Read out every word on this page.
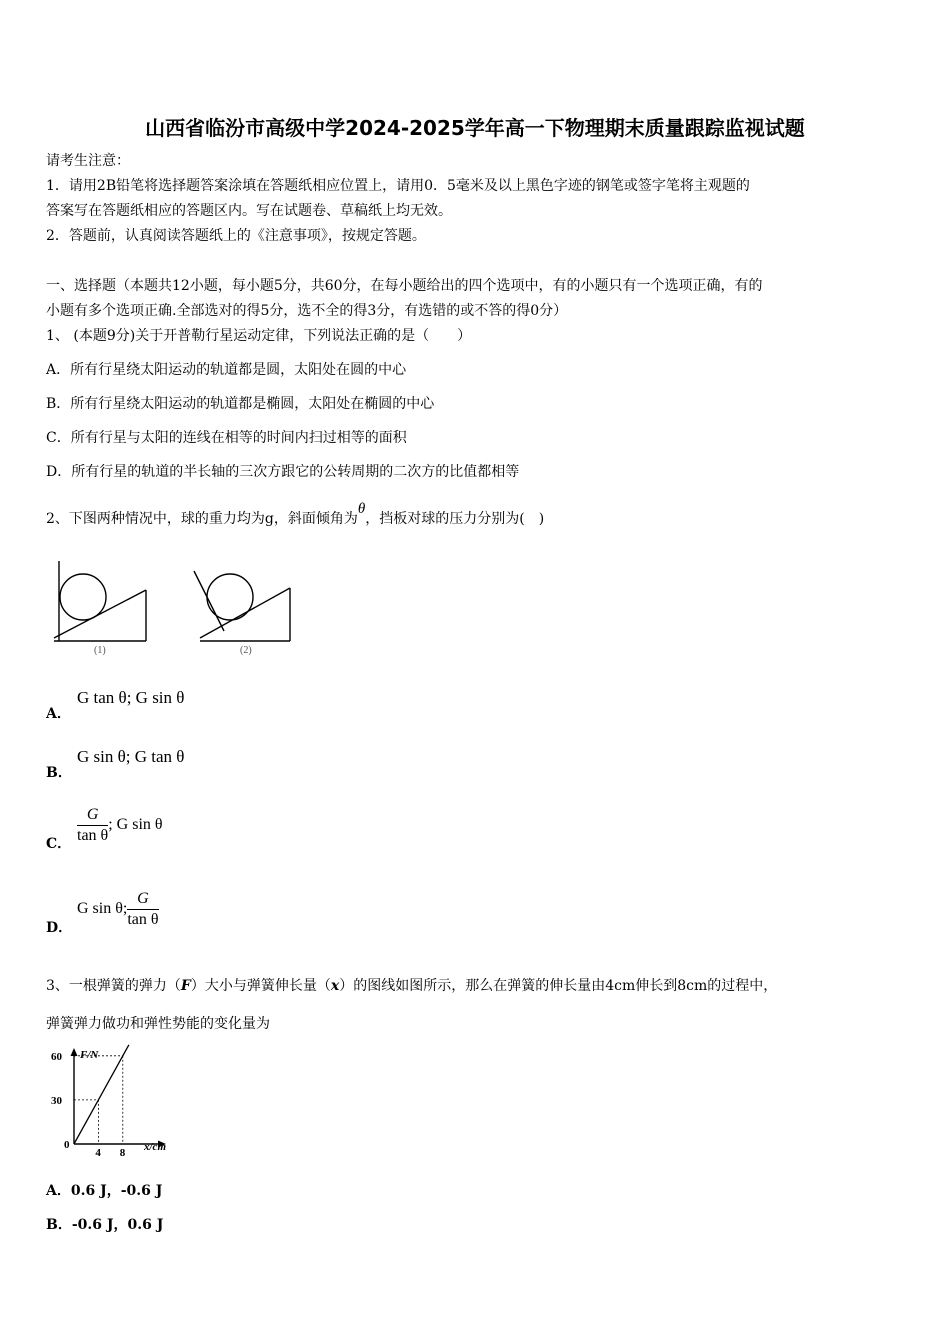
山西省临汾市高级中学2024-2025学年高一下物理期末质量跟踪监视试题
请考生注意：
1．请用2B铅笔将选择题答案涂填在答题纸相应位置上，请用0．5毫米及以上黑色字迹的钢笔或签字笔将主观题的
答案写在答题纸相应的答题区内。写在试题卷、草稿纸上均无效。
2．答题前，认真阅读答题纸上的《注意事项》，按规定答题。
一、选择题（本题共12小题，每小题5分，共60分，在每小题给出的四个选项中，有的小题只有一个选项正确，有的
小题有多个选项正确.全部选对的得5分，选不全的得3分，有选错的或不答的得0分）
1、 (本题9分)关于开普勒行星运动定律，下列说法正确的是（　　）
A．所有行星绕太阳运动的轨道都是圆，太阳处在圆的中心
B．所有行星绕太阳运动的轨道都是椭圆，太阳处在椭圆的中心
C．所有行星与太阳的连线在相等的时间内扫过相等的面积
D．所有行星的轨道的半长轴的三次方跟它的公转周期的二次方的比值都相等
2、下图两种情况中，球的重力均为g，斜面倾角为θ，挡板对球的压力分别为(　)
(1)	(2)
A．
G tan θ; G sin θ
B．
G sin θ; G tan θ
C． $\frac{G}{\text{tan θ}}$ ; G sin θ
D．
G sin θ; $\frac{G}{\text{tan θ}}$
3、一根弹簧的弹力（F）大小与弹簧伸长量（x）的图线如图所示，那么在弹簧的伸长量由4cm伸长到8cm的过程中，
弹簧弹力做功和弹性势能的变化量为
4 8
30
60
0
F/N
x/cm
A．0.6 J，-0.6 J
B．-0.6 J，0.6 J
